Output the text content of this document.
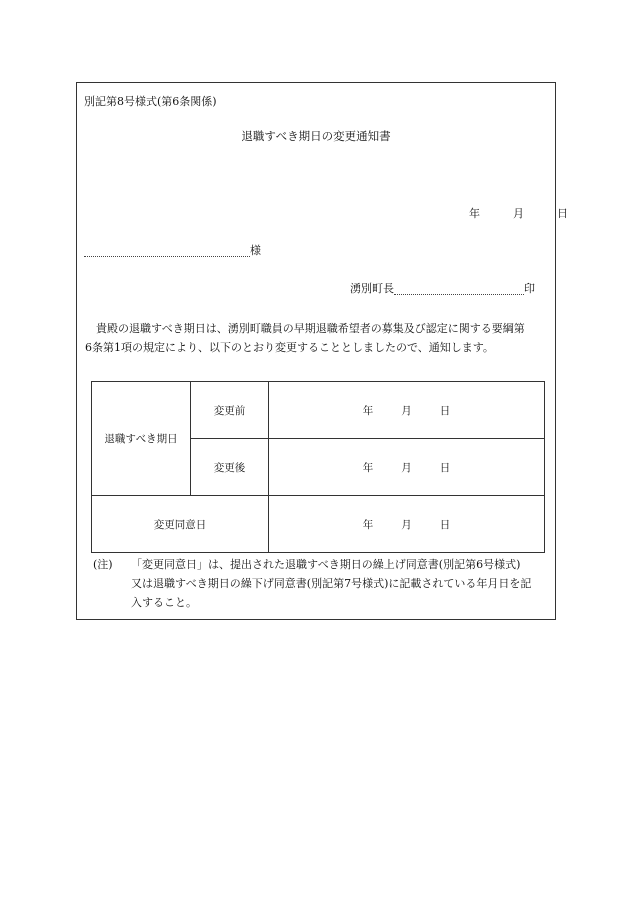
別記第8号様式(第6条関係)
退職すべき期日の変更通知書
年	月	日
様
湧別町長	印

貴殿の退職すべき期日は、湧別町職員の早期退職希望者の募集及び認定に関する要綱第

6条第1項の規定により、以下のとおり変更することとしましたので、通知します。

退職すべき期日	変更前	年 月 日
	変更後	年 月 日
変更同意日		年 月 日
(注)	「変更同意日」は、提出された退職すべき期日の繰上げ同意書(別記第6号様式)
又は退職すべき期日の繰下げ同意書(別記第7号様式)に記載されている年月日を記
入すること。
